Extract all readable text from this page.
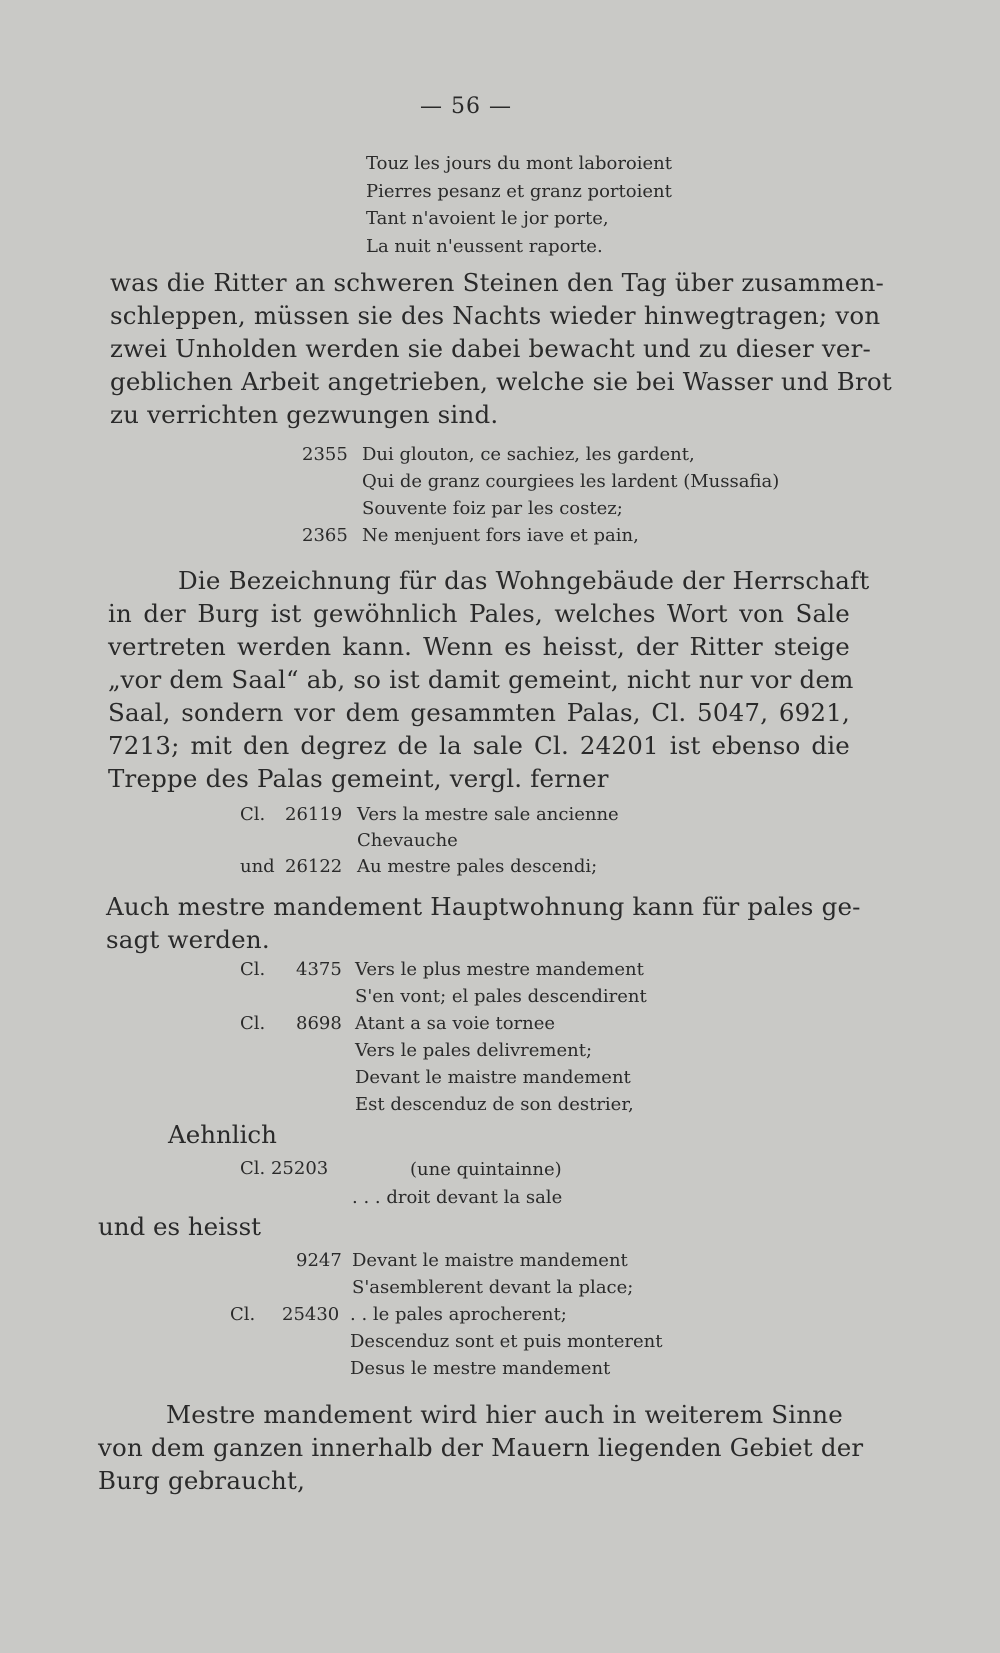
— 56 —
Touz les jours du mont laboroient
Pierres pesanz et granz portoient
Tant n'avoient le jor porte,
La nuit n'eussent raporte.
was die Ritter an schweren Steinen den Tag über zusammen-
schleppen, müssen sie des Nachts wieder hinwegtragen; von
zwei Unholden werden sie dabei bewacht und zu dieser ver-
geblichen Arbeit angetrieben, welche sie bei Wasser und Brot
zu verrichten gezwungen sind.
2355 Dui glouton, ce sachiez, les gardent,
Qui de granz courgiees les lardent (Mussafia)
Souvente foiz par les costez;
2365 Ne menjuent fors iave et pain,
Die Bezeichnung für das Wohngebäude der Herrschaft
in der Burg ist gewöhnlich Pales, welches Wort von Sale
vertreten werden kann. Wenn es heisst, der Ritter steige
„vor dem Saal“ ab, so ist damit gemeint, nicht nur vor dem
Saal, sondern vor dem gesammten Palas, Cl. 5047, 6921,
7213; mit den degrez de la sale Cl. 24201 ist ebenso die
Treppe des Palas gemeint, vergl. ferner
Cl. 26119 Vers la mestre sale ancienne
Chevauche
und 26122 Au mestre pales descendi;
Auch mestre mandement Hauptwohnung kann für pales ge-
sagt werden.
Cl. 4375 Vers le plus mestre mandement
S'en vont; el pales descendirent
Cl. 8698 Atant a sa voie tornee
Vers le pales delivrement;
Devant le maistre mandement
Est descenduz de son destrier,
Aehnlich
Cl. 25203	(une quintainne)
. . . droit devant la sale
und es heisst
9247 Devant le maistre mandement
S'asemblerent devant la place;
Cl. 25430 . . le pales aprocherent;
Descenduz sont et puis monterent
Desus le mestre mandement
Mestre mandement wird hier auch in weiterem Sinne
von dem ganzen innerhalb der Mauern liegenden Gebiet der
Burg gebraucht,
